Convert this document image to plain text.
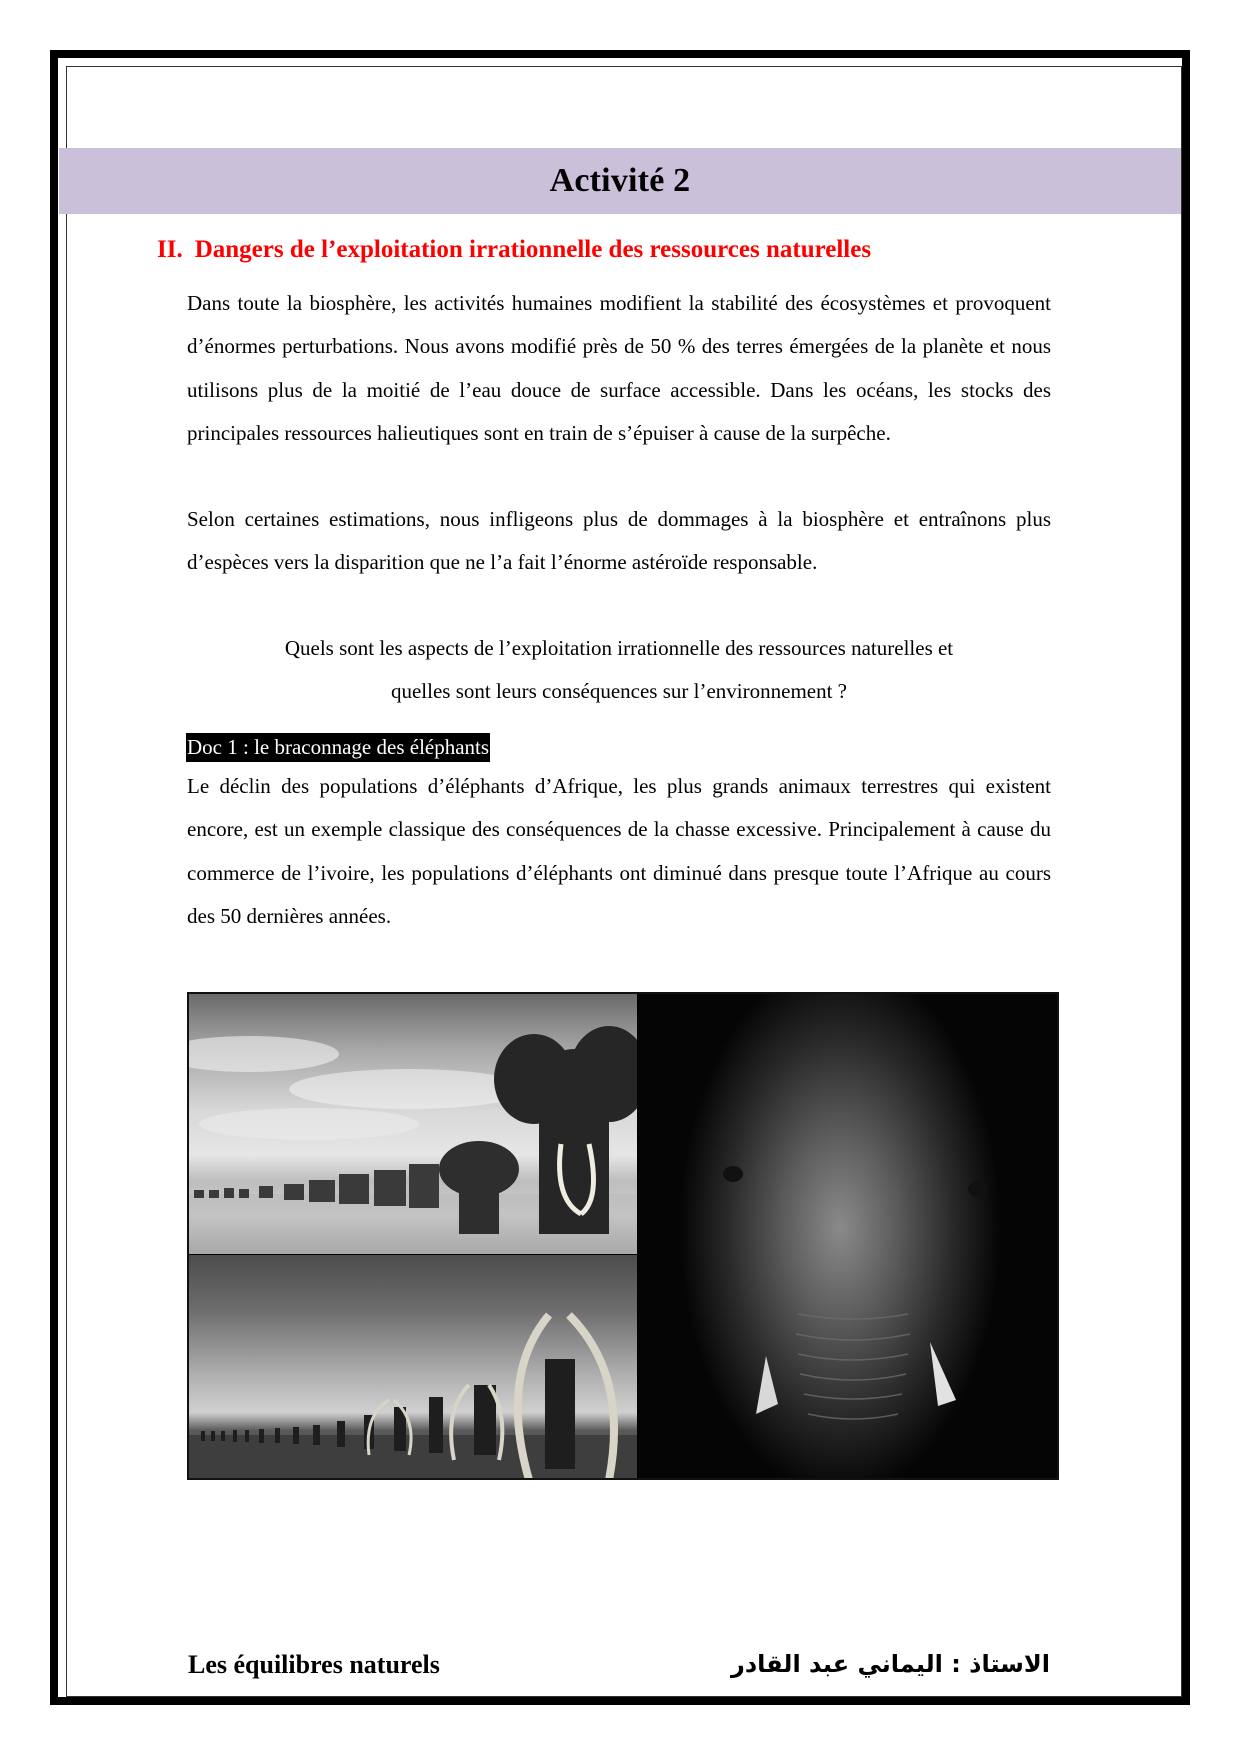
Activité 2
II. Dangers de l’exploitation irrationnelle des ressources naturelles

Dans toute la biosphère, les activités humaines modifient la stabilité des écosystèmes et provoquent d’énormes perturbations. Nous avons modifié près de 50 % des terres émergées de la planète et nous utilisons plus de la moitié de l’eau douce de surface accessible. Dans les océans, les stocks des principales ressources halieutiques sont en train de s’épuiser à cause de la surpêche.

Selon certaines estimations, nous infligeons plus de dommages à la biosphère et entraînons plus d’espèces vers la disparition que ne l’a fait l’énorme astéroïde responsable.

Quels sont les aspects de l’exploitation irrationnelle des ressources naturelles et
quelles sont leurs conséquences sur l’environnement ?
Doc 1 : le braconnage des éléphants

Le déclin des populations d’éléphants d’Afrique, les plus grands animaux terrestres qui existent encore, est un exemple classique des conséquences de la chasse excessive. Principalement à cause du commerce de l’ivoire, les populations d’éléphants ont diminué dans presque toute l’Afrique au cours des 50 dernières années.

Les équilibres naturels	الاستاذ : اليماني عبد القادر
